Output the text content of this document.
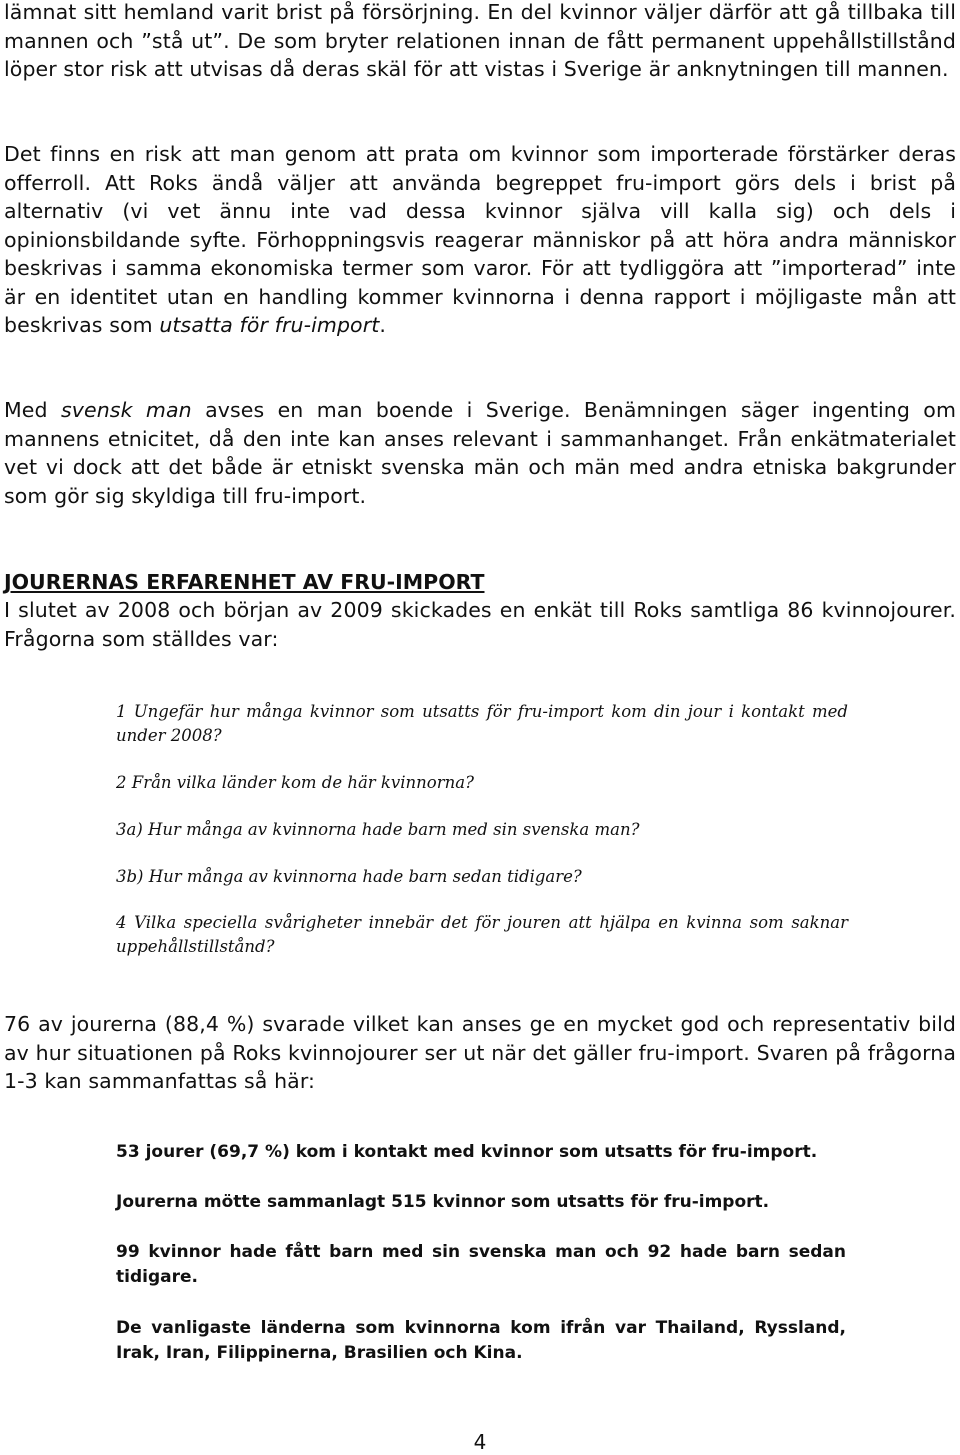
lämnat sitt hemland varit brist på försörjning. En del kvinnor väljer därför att gå tillbaka till mannen och ”stå ut”. De som bryter relationen innan de fått permanent uppehållstillstånd löper stor risk att utvisas då deras skäl för att vistas i Sverige är anknytningen till mannen.

Det finns en risk att man genom att prata om kvinnor som importerade förstärker deras offerroll. Att Roks ändå väljer att använda begreppet fru-import görs dels i brist på alternativ (vi vet ännu inte vad dessa kvinnor själva vill kalla sig) och dels i opinionsbildande syfte. Förhoppningsvis reagerar människor på att höra andra människor beskrivas i samma ekonomiska termer som varor. För att tydliggöra att ”importerad” inte är en identitet utan en handling kommer kvinnorna i denna rapport i möjligaste mån att beskrivas som utsatta för fru-import.

Med svensk man avses en man boende i Sverige. Benämningen säger ingenting om mannens etnicitet, då den inte kan anses relevant i sammanhanget. Från enkätmaterialet vet vi dock att det både är etniskt svenska män och män med andra etniska bakgrunder som gör sig skyldiga till fru-import.

JOURERNAS ERFARENHET AV FRU-IMPORT

I slutet av 2008 och början av 2009 skickades en enkät till Roks samtliga 86 kvinnojourer. Frågorna som ställdes var:

1 Ungefär hur många kvinnor som utsatts för fru-import kom din jour i kontakt med under 2008?
2 Från vilka länder kom de här kvinnorna?
3a) Hur många av kvinnorna hade barn med sin svenska man?
3b) Hur många av kvinnorna hade barn sedan tidigare?
4 Vilka speciella svårigheter innebär det för jouren att hjälpa en kvinna som saknar uppehållstillstånd?

76 av jourerna (88,4 %) svarade vilket kan anses ge en mycket god och representativ bild av hur situationen på Roks kvinnojourer ser ut när det gäller fru-import. Svaren på frågorna 1-3 kan sammanfattas så här:

53 jourer (69,7 %) kom i kontakt med kvinnor som utsatts för fru-import.
Jourerna mötte sammanlagt 515 kvinnor som utsatts för fru-import.
99 kvinnor hade fått barn med sin svenska man och 92 hade barn sedan tidigare.
De vanligaste länderna som kvinnorna kom ifrån var Thailand, Ryssland, Irak, Iran, Filippinerna, Brasilien och Kina.
4
